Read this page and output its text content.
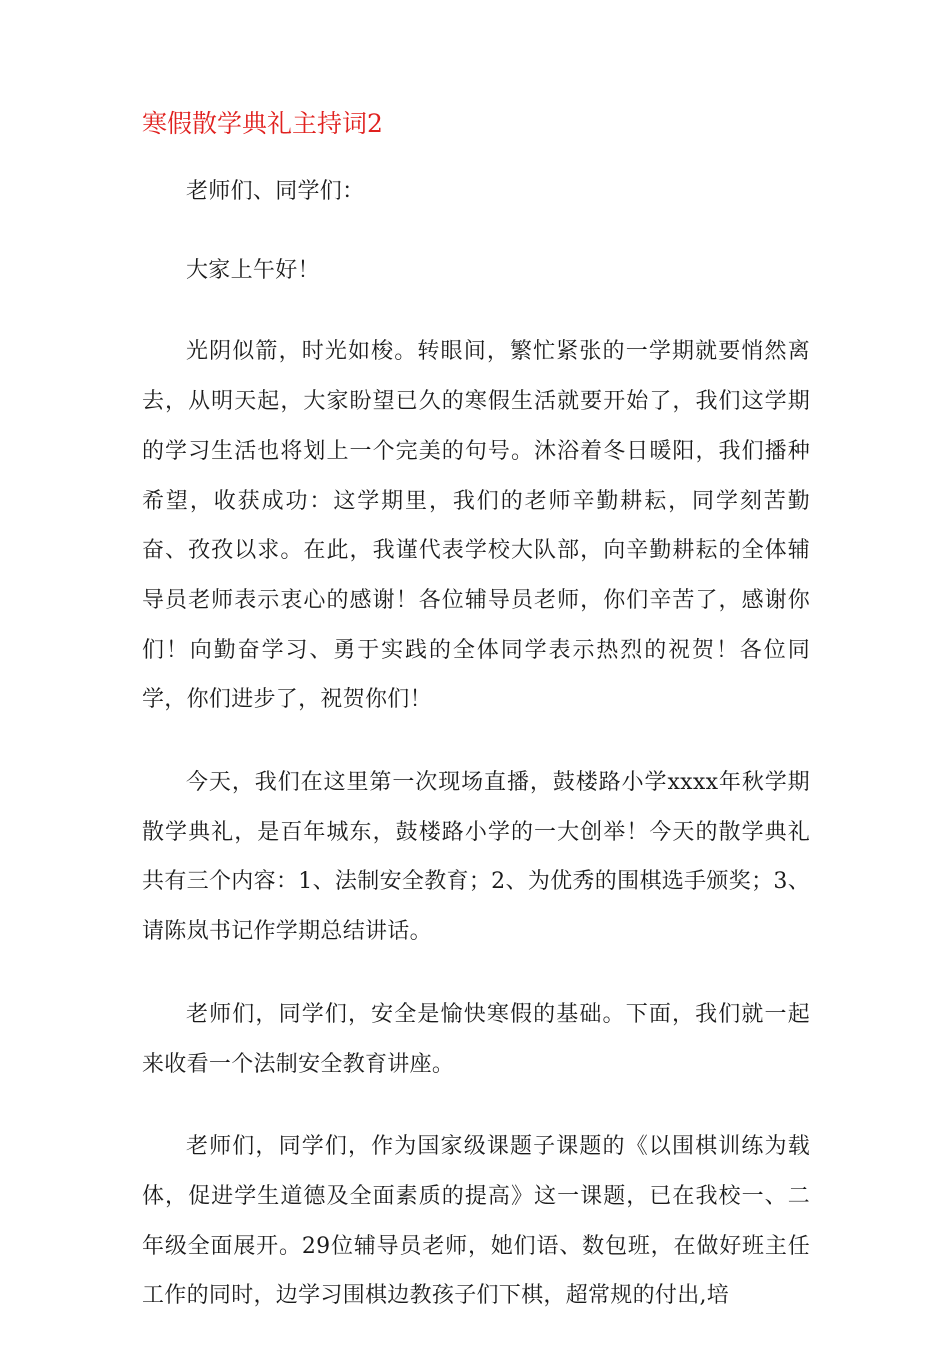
寒假散学典礼主持词2

老师们、同学们：

大家上午好！

光阴似箭，时光如梭。转眼间，繁忙紧张的一学期就要悄然离去，从明天起，大家盼望已久的寒假生活就要开始了，我们这学期的学习生活也将划上一个完美的句号。沐浴着冬日暖阳，我们播种希望，收获成功：这学期里，我们的老师辛勤耕耘，同学刻苦勤奋、孜孜以求。在此，我谨代表学校大队部，向辛勤耕耘的全体辅导员老师表示衷心的感谢！各位辅导员老师，你们辛苦了，感谢你们！向勤奋学习、勇于实践的全体同学表示热烈的祝贺！各位同学，你们进步了，祝贺你们！

今天，我们在这里第一次现场直播，鼓楼路小学xxxx年秋学期散学典礼，是百年城东，鼓楼路小学的一大创举！今天的散学典礼共有三个内容：1、法制安全教育；2、为优秀的围棋选手颁奖；3、请陈岚书记作学期总结讲话。

老师们，同学们，安全是愉快寒假的基础。下面，我们就一起来收看一个法制安全教育讲座。

老师们，同学们，作为国家级课题子课题的《以围棋训练为载体，促进学生道德及全面素质的提高》这一课题，已在我校一、二年级全面展开。29位辅导员老师，她们语、数包班，在做好班主任工作的同时，边学习围棋边教孩子们下棋，超常规的付出,培
